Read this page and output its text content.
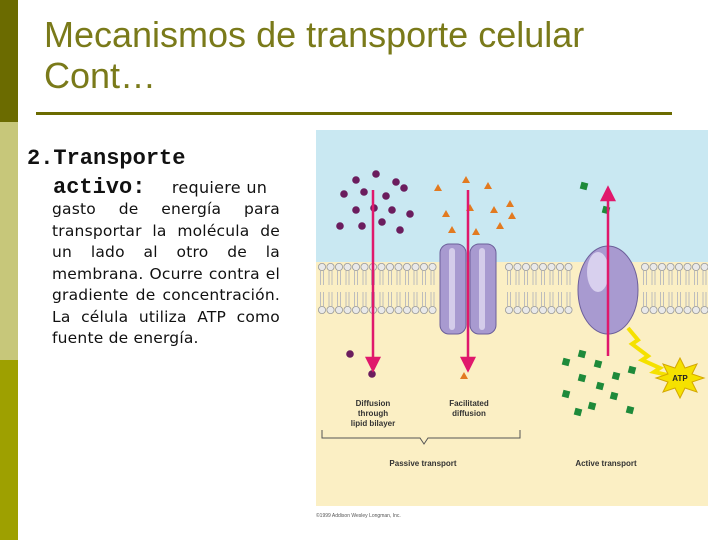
Mecanismos de transporte celular
Cont…
2.Transporte
activo: requiere un
gasto de energía para transportar la molécula de un lado al otro de la membrana. Ocurre contra el gradiente de concentración. La célula utiliza ATP como fuente de energía.
ATP
Diffusion
through
lipid bilayer
Facilitated
diffusion
Passive transport	Active transport
©1999 Addison Wesley Longman, Inc.
